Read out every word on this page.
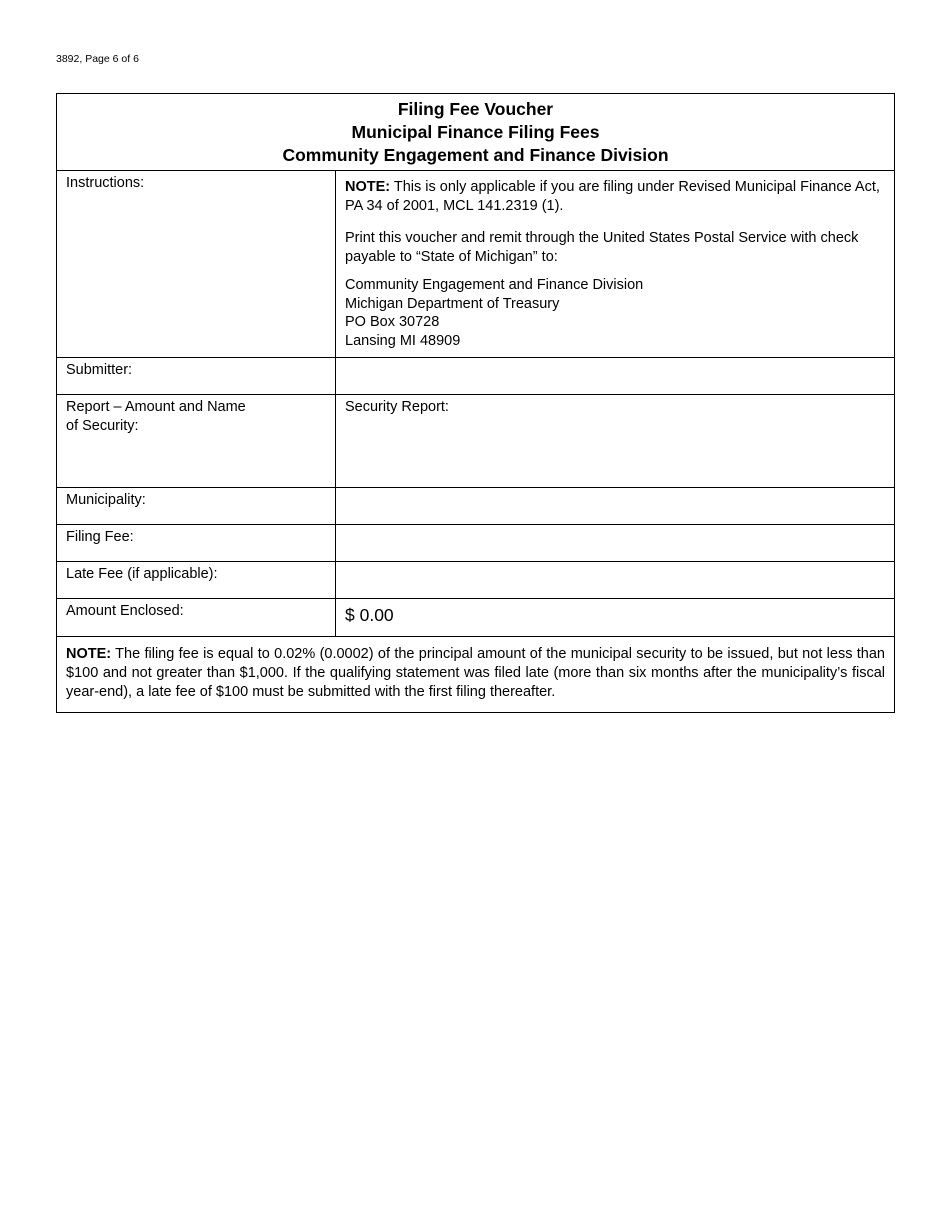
3892, Page 6 of 6
Filing Fee Voucher
Municipal Finance Filing Fees
Community Engagement and Finance Division
Instructions:	NOTE: This is only applicable if you are filing under Revised Municipal Finance Act, PA 34 of 2001, MCL 141.2319 (1).

Print this voucher and remit through the United States Postal Service with check payable to “State of Michigan” to:

Community Engagement and Finance Division
Michigan Department of Treasury
PO Box 30728
Lansing MI 48909

Submitter:
Report – Amount and Name
of Security:
Security Report:
Municipality:
Filing Fee:
Late Fee (if applicable):
Amount Enclosed:	$ 0.00
NOTE: The filing fee is equal to 0.02% (0.0002) of the principal amount of the municipal security to be issued, but not less than $100 and not greater than $1,000. If the qualifying statement was filed late (more than six months after the municipality’s fiscal year-end), a late fee of $100 must be submitted with the first filing thereafter.
